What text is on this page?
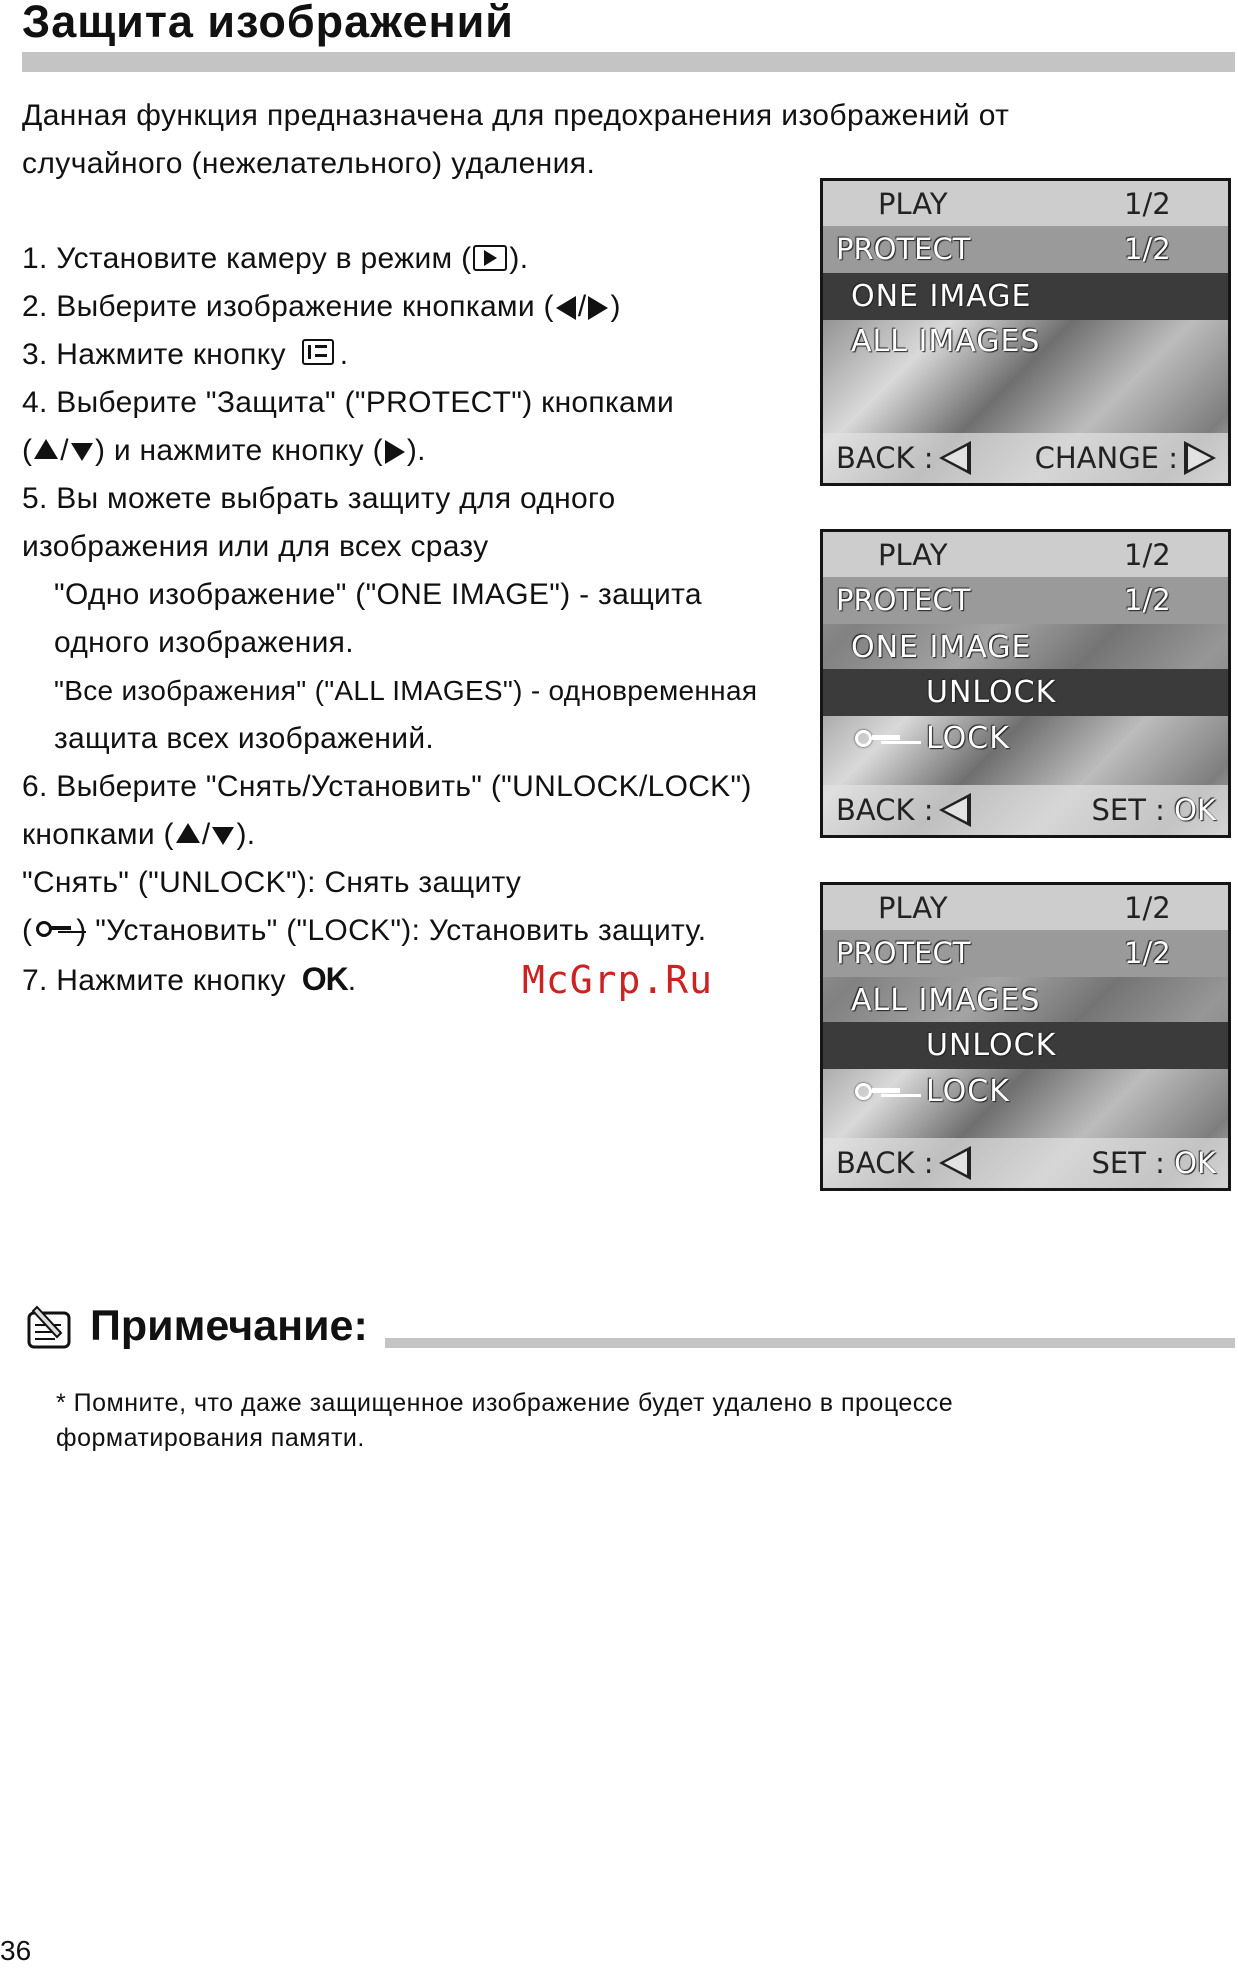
Защита изображений
Данная функция предназначена для предохранения изображений от
случайного (нежелательного) удаления.
1. Установите камеру в режим ( ).
2. Выберите изображение кнопками ( / )
3. Нажмите кнопку .
4. Выберите "Защита" ("PROTECT") кнопками
( / ) и нажмите кнопку ( ).
5. Вы можете выбрать защиту для одного
изображения или для всех сразу
"Одно изображение" ("ONE IMAGE") - защита
одного изображения.
"Все изображения" ("ALL IMAGES") - одновременная
защита всех изображений.
6. Выберите "Снять/Установить" ("UNLOCK/LOCK")
кнопками ( / ).
"Снять" ("UNLOCK"): Снять защиту
( ) "Установить" ("LOCK"): Установить защиту.
7. Нажмите кнопку OK.	McGrp.Ru
PLAY	1/2
PROTECT	1/2
ONE IMAGE
ALL IMAGES
BACK :	CHANGE :
PLAY	1/2
PROTECT	1/2
ONE IMAGE
UNLOCK
LOCK
BACK :	SET : OK
PLAY	1/2
PROTECT	1/2
ALL IMAGES
UNLOCK
LOCK
BACK :	SET : OK
Примечание:
* Помните, что даже защищенное изображение будет удалено в процессе
форматирования памяти.
36
